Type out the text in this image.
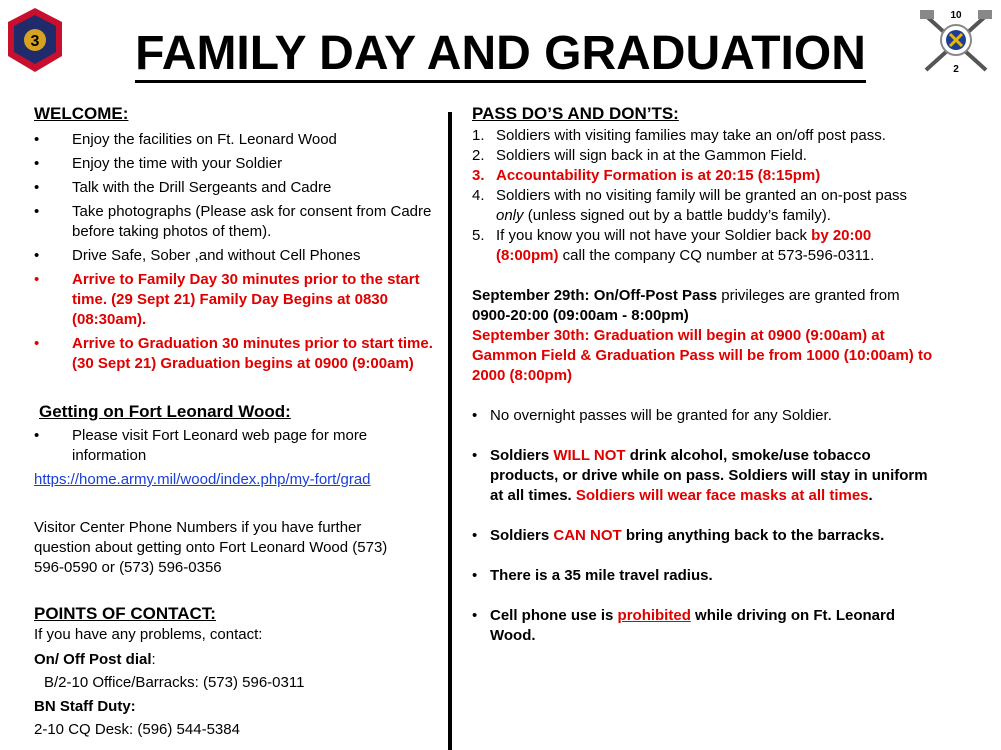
3
10
2
FAMILY DAY AND GRADUATION
WELCOME:
• Enjoy the facilities on Ft. Leonard Wood
• Enjoy the time with your Soldier
• Talk with the Drill Sergeants and Cadre
• Take photographs (Please ask for consent from Cadre before taking photos of them).
• Drive Safe, Sober ,and without Cell Phones
• Arrive to Family Day 30 minutes prior to the start time. (29 Sept 21) Family Day Begins at 0830 (08:30am).
• Arrive to Graduation 30 minutes prior to start time. (30 Sept 21) Graduation begins at 0900 (9:00am)
Getting on Fort Leonard Wood:
• Please visit Fort Leonard web page for more information
https://home.army.mil/wood/index.php/my-fort/grad
Visitor Center Phone Numbers if you have further question about getting onto Fort Leonard Wood (573) 596-0590 or (573) 596-0356
POINTS OF CONTACT:
If you have any problems, contact:
On/ Off Post dial:
B/2-10 Office/Barracks: (573) 596-0311
BN Staff Duty:
2-10 CQ Desk: (596) 544-5384
PASS DO’S AND DON’TS:
1. Soldiers with visiting families may take an on/off post pass.
2. Soldiers will sign back in at the Gammon Field.
3. Accountability Formation is at 20:15 (8:15pm)
4. Soldiers with no visiting family will be granted an on-post pass
only (unless signed out by a battle buddy’s family).
5. If you know you will not have your Soldier back by 20:00
(8:00pm) call the company CQ number at 573-596-0311.
September 29th: On/Off-Post Pass privileges are granted from
0900-20:00 (09:00am - 8:00pm)
September 30th: Graduation will begin at 0900 (9:00am) at
Gammon Field & Graduation Pass will be from 1000 (10:00am) to
2000 (8:00pm)
• No overnight passes will be granted for any Soldier.
• Soldiers WILL NOT drink alcohol, smoke/use tobacco
products, or drive while on pass. Soldiers will stay in uniform
at all times. Soldiers will wear face masks at all times.
• Soldiers CAN NOT bring anything back to the barracks.
• There is a 35 mile travel radius.
• Cell phone use is prohibited while driving on Ft. Leonard
Wood.
